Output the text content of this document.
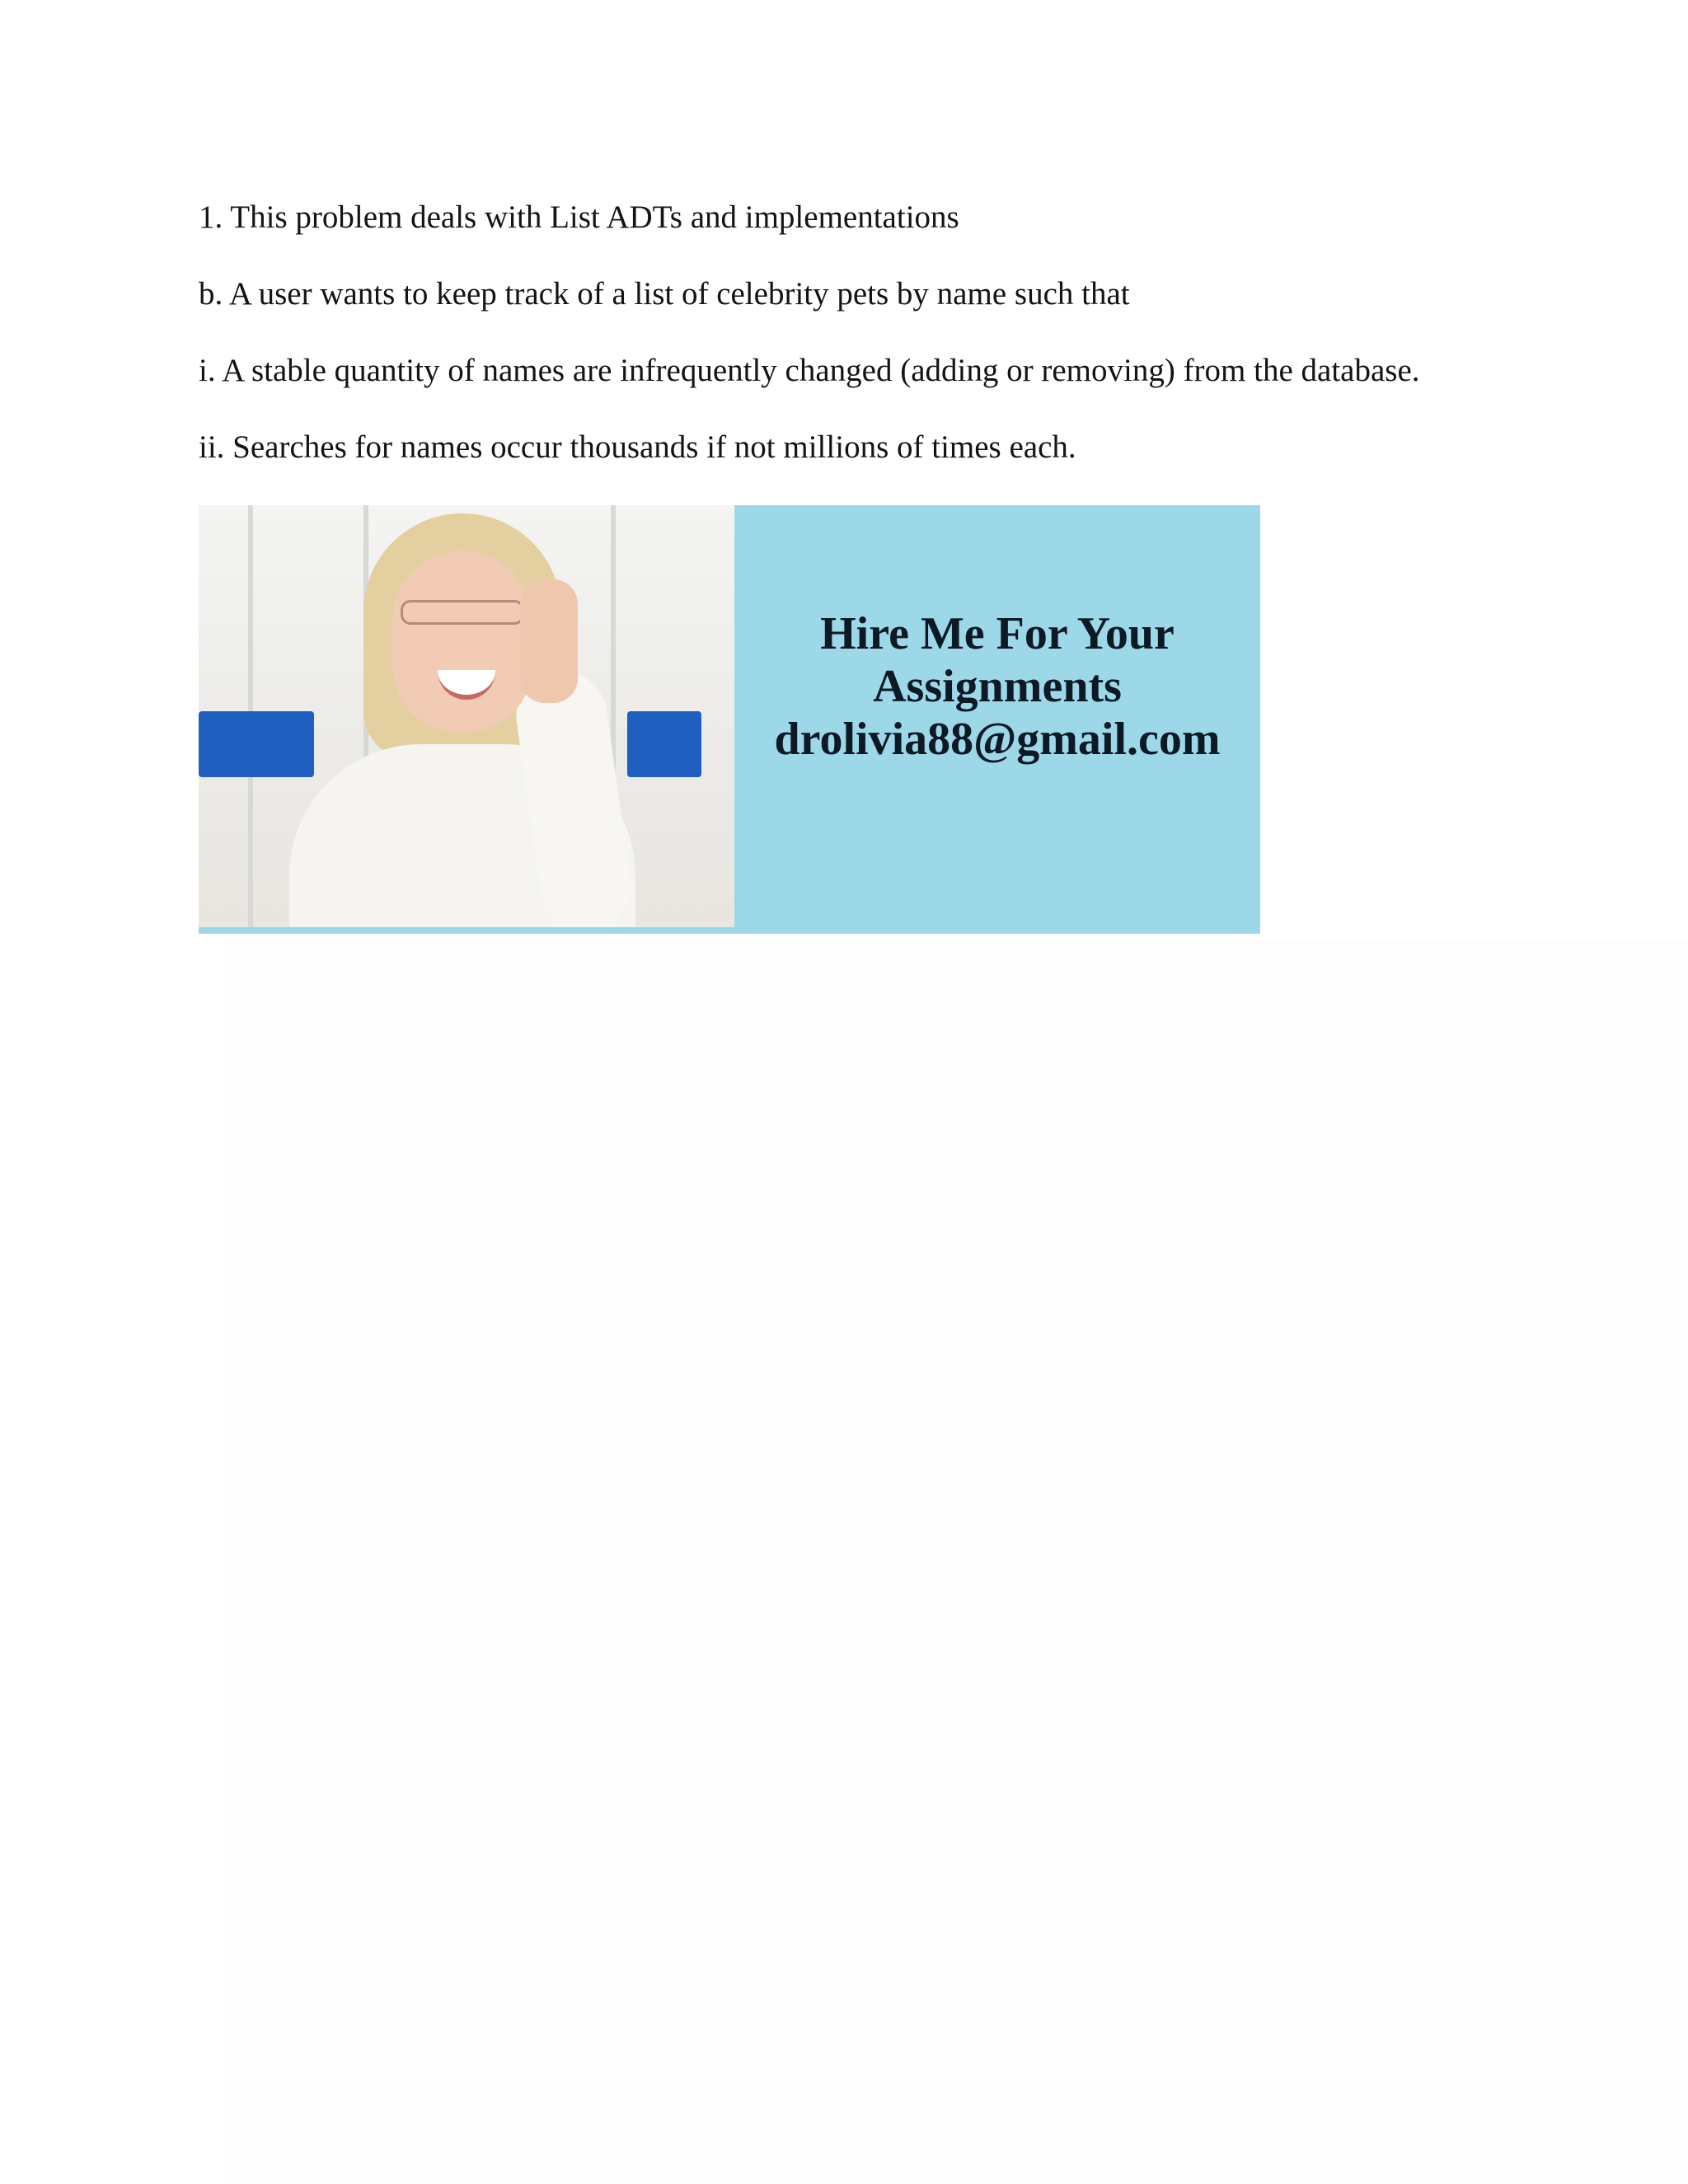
1. This problem deals with List ADTs and implementations
b. A user wants to keep track of a list of celebrity pets by name such that
i. A stable quantity of names are infrequently changed (adding or removing) from the database.
ii. Searches for names occur thousands if not millions of times each.
Hire Me For Your
Assignments
drolivia88@gmail.com
